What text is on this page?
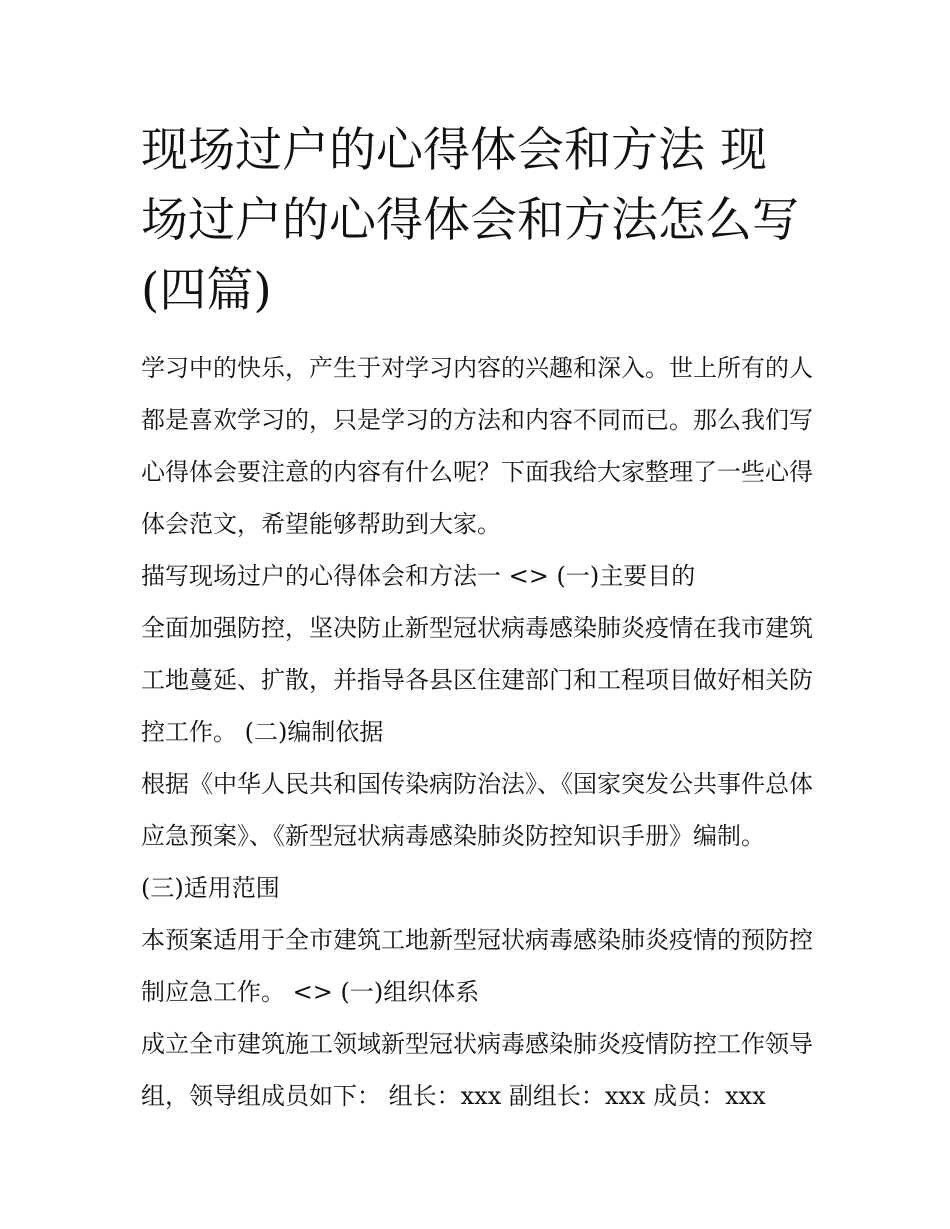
现场过户的心得体会和方法 现场过户的心得体会和方法怎么写(四篇)

学习中的快乐，产生于对学习内容的兴趣和深入。世上所有的人都是喜欢学习的，只是学习的方法和内容不同而已。那么我们写心得体会要注意的内容有什么呢？下面我给大家整理了一些心得体会范文，希望能够帮助到大家。

描写现场过户的心得体会和方法一 <> (一)主要目的

全面加强防控，坚决防止新型冠状病毒感染肺炎疫情在我市建筑工地蔓延、扩散，并指导各县区住建部门和工程项目做好相关防控工作。 (二)编制依据

根据《中华人民共和国传染病防治法》、《国家突发公共事件总体应急预案》、《新型冠状病毒感染肺炎防控知识手册》编制。 (三)适用范围

本预案适用于全市建筑工地新型冠状病毒感染肺炎疫情的预防控制应急工作。 <> (一)组织体系

成立全市建筑施工领域新型冠状病毒感染肺炎疫情防控工作领导组，领导组成员如下： 组长：xxx 副组长：xxx 成员：xxx
